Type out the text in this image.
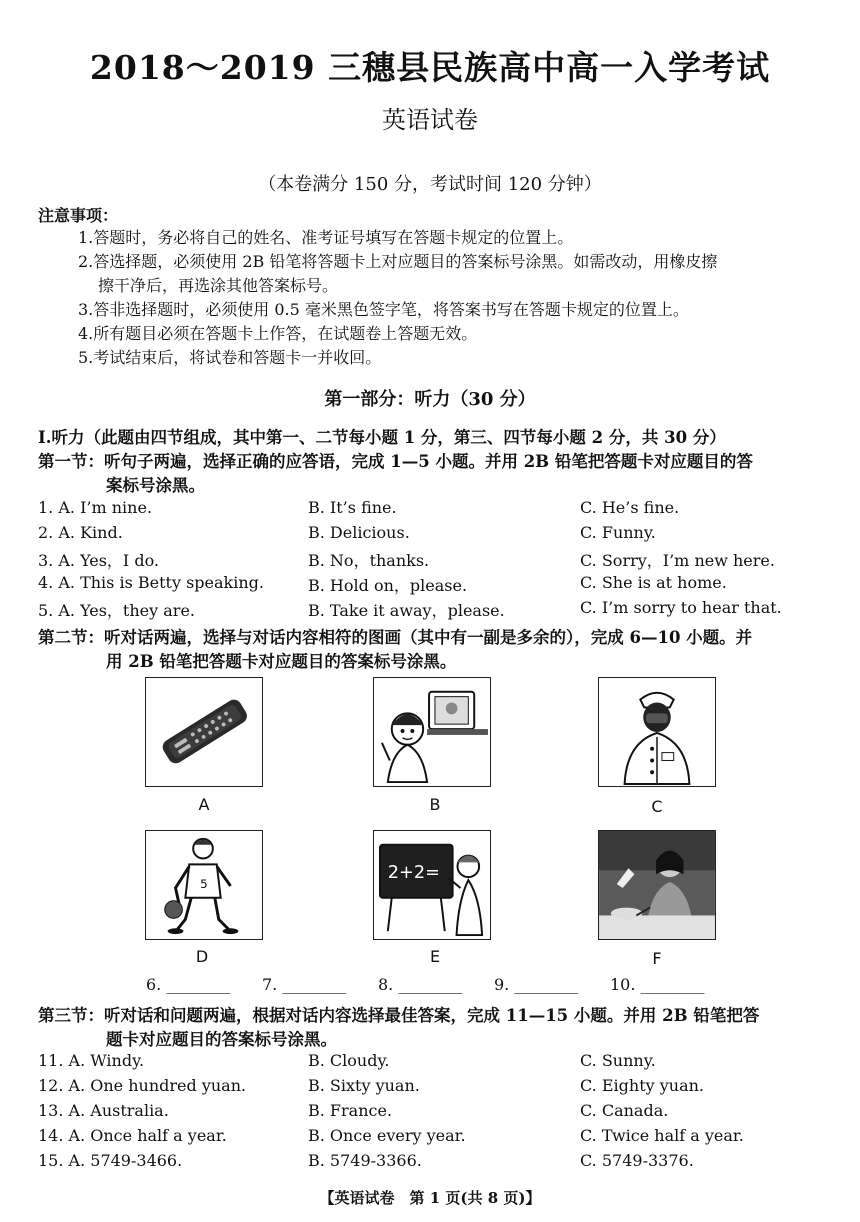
2018～2019 三穗县民族高中高一入学考试
英语试卷
（本卷满分 150 分，考试时间 120 分钟）
注意事项：
1.答题时，务必将自己的姓名、准考证号填写在答题卡规定的位置上。
2.答选择题，必须使用 2B 铅笔将答题卡上对应题目的答案标号涂黑。如需改动，用橡皮擦
擦干净后，再选涂其他答案标号。
3.答非选择题时，必须使用 0.5 毫米黑色签字笔，将答案书写在答题卡规定的位置上。
4.所有题目必须在答题卡上作答，在试题卷上答题无效。
5.考试结束后，将试卷和答题卡一并收回。
第一部分：听力（30 分）
Ⅰ.听力（此题由四节组成，其中第一、二节每小题 1 分，第三、四节每小题 2 分，共 30 分）
第一节：听句子两遍，选择正确的应答语，完成 1—5 小题。并用 2B 铅笔把答题卡对应题目的答
案标号涂黑。
1. A. I’m nine.	B. It’s fine.	C. He’s fine.
2. A. Kind.	B. Delicious.	C. Funny.
3. A. Yes，I do.	B. No，thanks.	C. Sorry，I’m new here.
4. A. This is Betty speaking.	B. Hold on，please.	C. She is at home.
5. A. Yes，they are.	B. Take it away，please.	C. I’m sorry to hear that.
第二节：听对话两遍，选择与对话内容相符的图画（其中有一副是多余的），完成 6—10 小题。并
用 2B 铅笔把答题卡对应题目的答案标号涂黑。
A	B	C
5
D
2+2=
E	F
6. ________ 7. ________ 8. ________ 9. ________ 10. ________
第三节：听对话和问题两遍，根据对话内容选择最佳答案，完成 11—15 小题。并用 2B 铅笔把答
题卡对应题目的答案标号涂黑。
11. A. Windy.	B. Cloudy.	C. Sunny.
12. A. One hundred yuan.	B. Sixty yuan.	C. Eighty yuan.
13. A. Australia.	B. France.	C. Canada.
14. A. Once half a year.	B. Once every year.	C. Twice half a year.
15. A. 5749-3466.	B. 5749-3366.	C. 5749-3376.
【英语试卷　第 1 页(共 8 页)】
